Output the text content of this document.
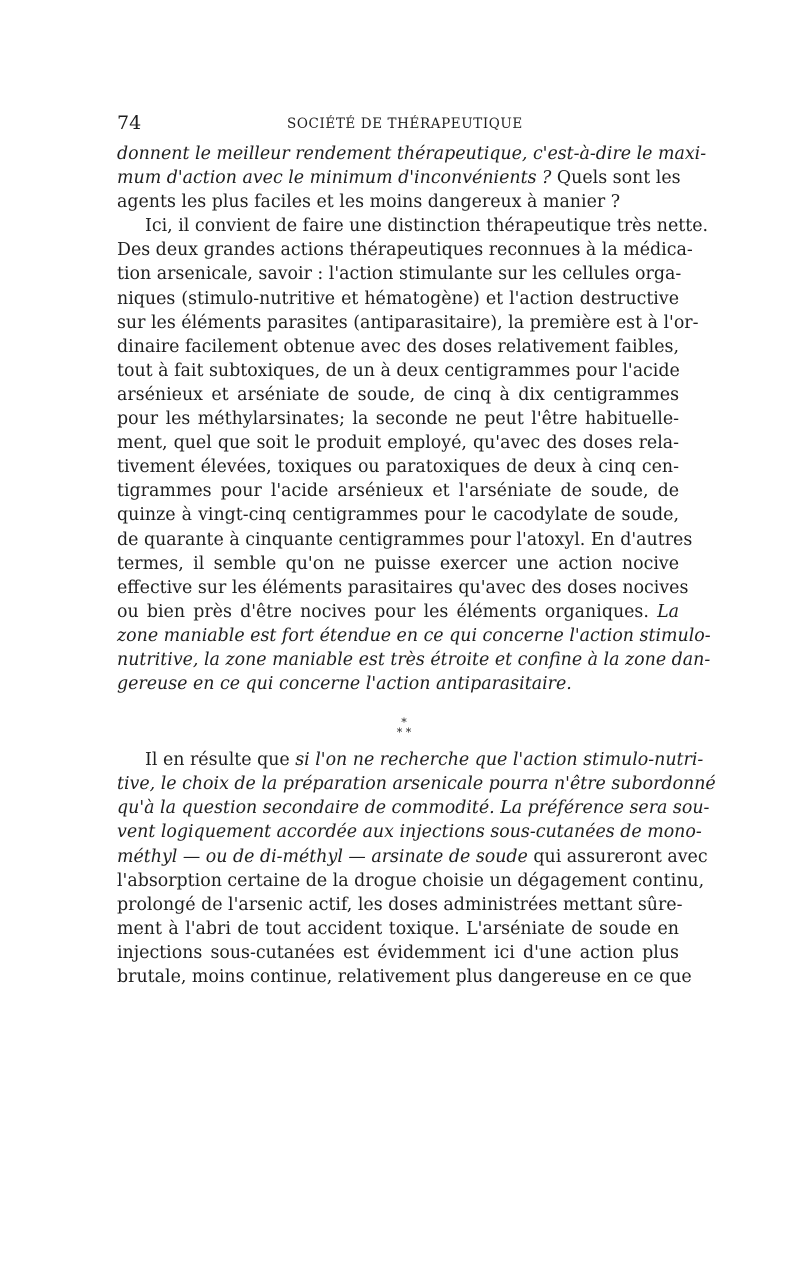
74	SOCIÉTÉ DE THÉRAPEUTIQUE
donnent le meilleur rendement thérapeutique, c'est-à-dire le maxi-
mum d'action avec le minimum d'inconvénients ? Quels sont les
agents les plus faciles et les moins dangereux à manier ?
Ici, il convient de faire une distinction thérapeutique très nette.
Des deux grandes actions thérapeutiques reconnues à la médica-
tion arsenicale, savoir : l'action stimulante sur les cellules orga-
niques (stimulo-nutritive et hématogène) et l'action destructive
sur les éléments parasites (antiparasitaire), la première est à l'or-
dinaire facilement obtenue avec des doses relativement faibles,
tout à fait subtoxiques, de un à deux centigrammes pour l'acide
arsénieux et arséniate de soude, de cinq à dix centigrammes
pour les méthylarsinates; la seconde ne peut l'être habituelle-
ment, quel que soit le produit employé, qu'avec des doses rela-
tivement élevées, toxiques ou paratoxiques de deux à cinq cen-
tigrammes pour l'acide arsénieux et l'arséniate de soude, de
quinze à vingt-cinq centigrammes pour le cacodylate de soude,
de quarante à cinquante centigrammes pour l'atoxyl. En d'autres
termes, il semble qu'on ne puisse exercer une action nocive
effective sur les éléments parasitaires qu'avec des doses nocives
ou bien près d'être nocives pour les éléments organiques. La
zone maniable est fort étendue en ce qui concerne l'action stimulo-
nutritive, la zone maniable est très étroite et confine à la zone dan-
gereuse en ce qui concerne l'action antiparasitaire.
*
* *
Il en résulte que si l'on ne recherche que l'action stimulo-nutri-
tive, le choix de la préparation arsenicale pourra n'être subordonné
qu'à la question secondaire de commodité. La préférence sera sou-
vent logiquement accordée aux injections sous-cutanées de mono-
méthyl — ou de di-méthyl — arsinate de soude qui assureront avec
l'absorption certaine de la drogue choisie un dégagement continu,
prolongé de l'arsenic actif, les doses administrées mettant sûre-
ment à l'abri de tout accident toxique. L'arséniate de soude en
injections sous-cutanées est évidemment ici d'une action plus
brutale, moins continue, relativement plus dangereuse en ce que
